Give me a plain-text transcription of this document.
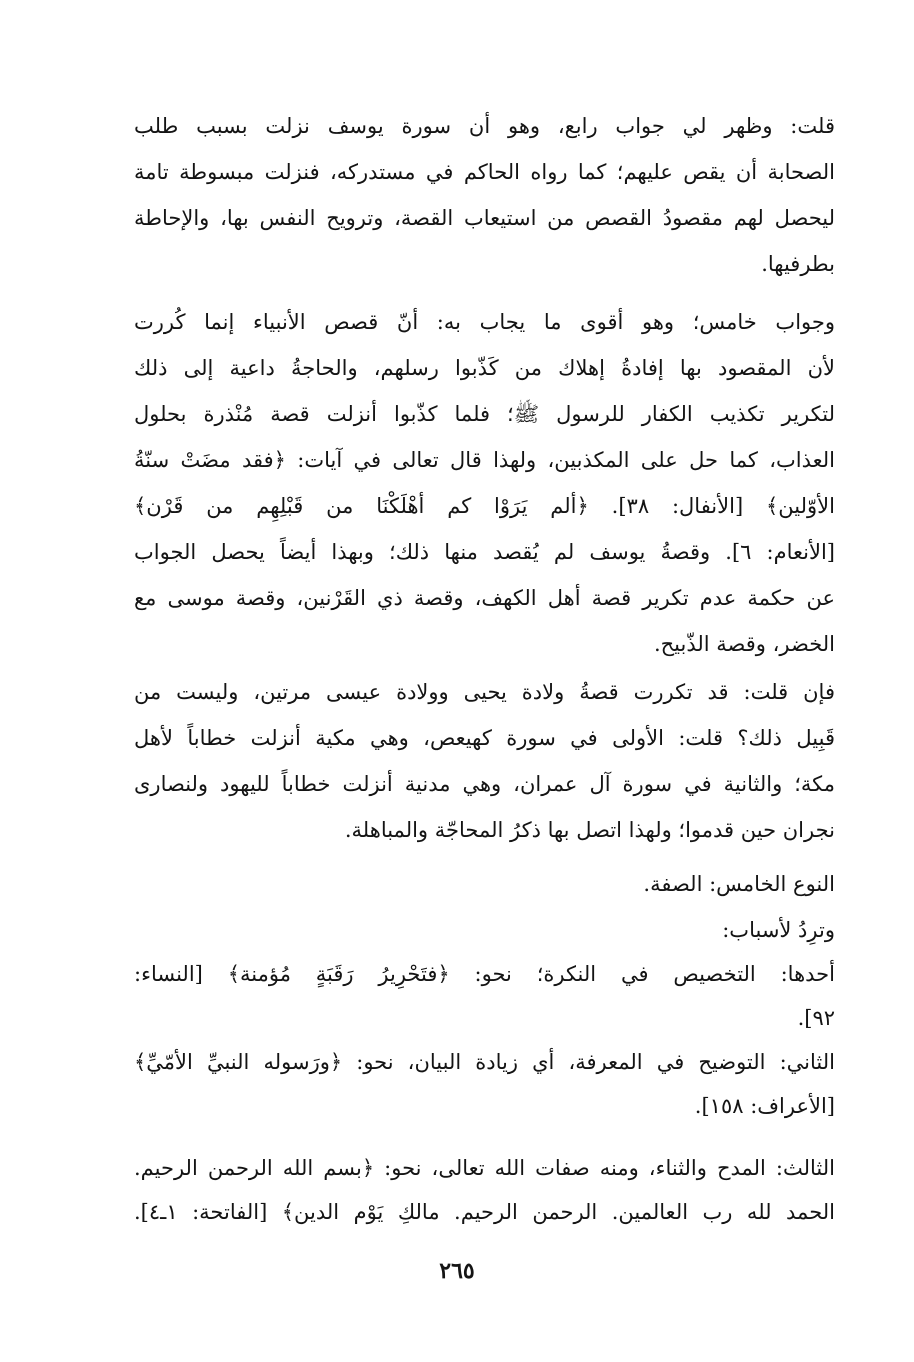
قلت: وظهر لي جواب رابع، وهو أن سورة يوسف نزلت بسبب طلب
الصحابة أن يقص عليهم؛ كما رواه الحاكم في مستدركه، فنزلت مبسوطة تامة
ليحصل لهم مقصودُ القصص من استيعاب القصة، وترويح النفس بها، والإحاطة
بطرفيها.
وجواب خامس؛ وهو أقوى ما يجاب به: أنّ قصص الأنبياء إنما كُررت
لأن المقصود بها إفادةُ إهلاك من كَذّبوا رسلهم، والحاجةُ داعية إلى ذلك
لتكرير تكذيب الكفار للرسول ﷺ؛ فلما كذّبوا أنزلت قصة مُنْذرة بحلول
العذاب، كما حل على المكذبين، ولهذا قال تعالى في آيات: ﴿فقد مضَتْ سنّةُ
الأوّلين﴾ [الأنفال: ٣٨]. ﴿ألم يَرَوْا كم أهْلَكْنَا من قَبْلِهِم من قَرْن﴾
[الأنعام: ٦]. وقصةُ يوسف لم يُقصد منها ذلك؛ وبهذا أيضاً يحصل الجواب
عن حكمة عدم تكرير قصة أهل الكهف، وقصة ذي القَرْنين، وقصة موسى مع
الخضر، وقصة الذّبيح.
فإن قلت: قد تكررت قصةُ ولادة يحيى وولادة عيسى مرتين، وليست من
قَبِيل ذلك؟ قلت: الأولى في سورة كهيعص، وهي مكية أنزلت خطاباً لأهل
مكة؛ والثانية في سورة آل عمران، وهي مدنية أنزلت خطاباً لليهود ولنصارى
نجران حين قدموا؛ ولهذا اتصل بها ذكرُ المحاجّة والمباهلة.
النوع الخامس: الصفة.
وترِدُ لأسباب:
أحدها: التخصيص في النكرة؛ نحو: ﴿فتَحْرِيرُ رَقَبَةٍ مُؤمنة﴾ [النساء:
٩٢].
الثاني: التوضيح في المعرفة، أي زيادة البيان، نحو: ﴿ورَسوله النبيِّ الأمّيِّ﴾
[الأعراف: ١٥٨].
الثالث: المدح والثناء، ومنه صفات الله تعالى، نحو: ﴿بسم الله الرحمن الرحيم.
الحمد لله رب العالمين. الرحمن الرحيم. مالكِ يَوْم الدين﴾ [الفاتحة: ١ـ٤].
٢٦٥
